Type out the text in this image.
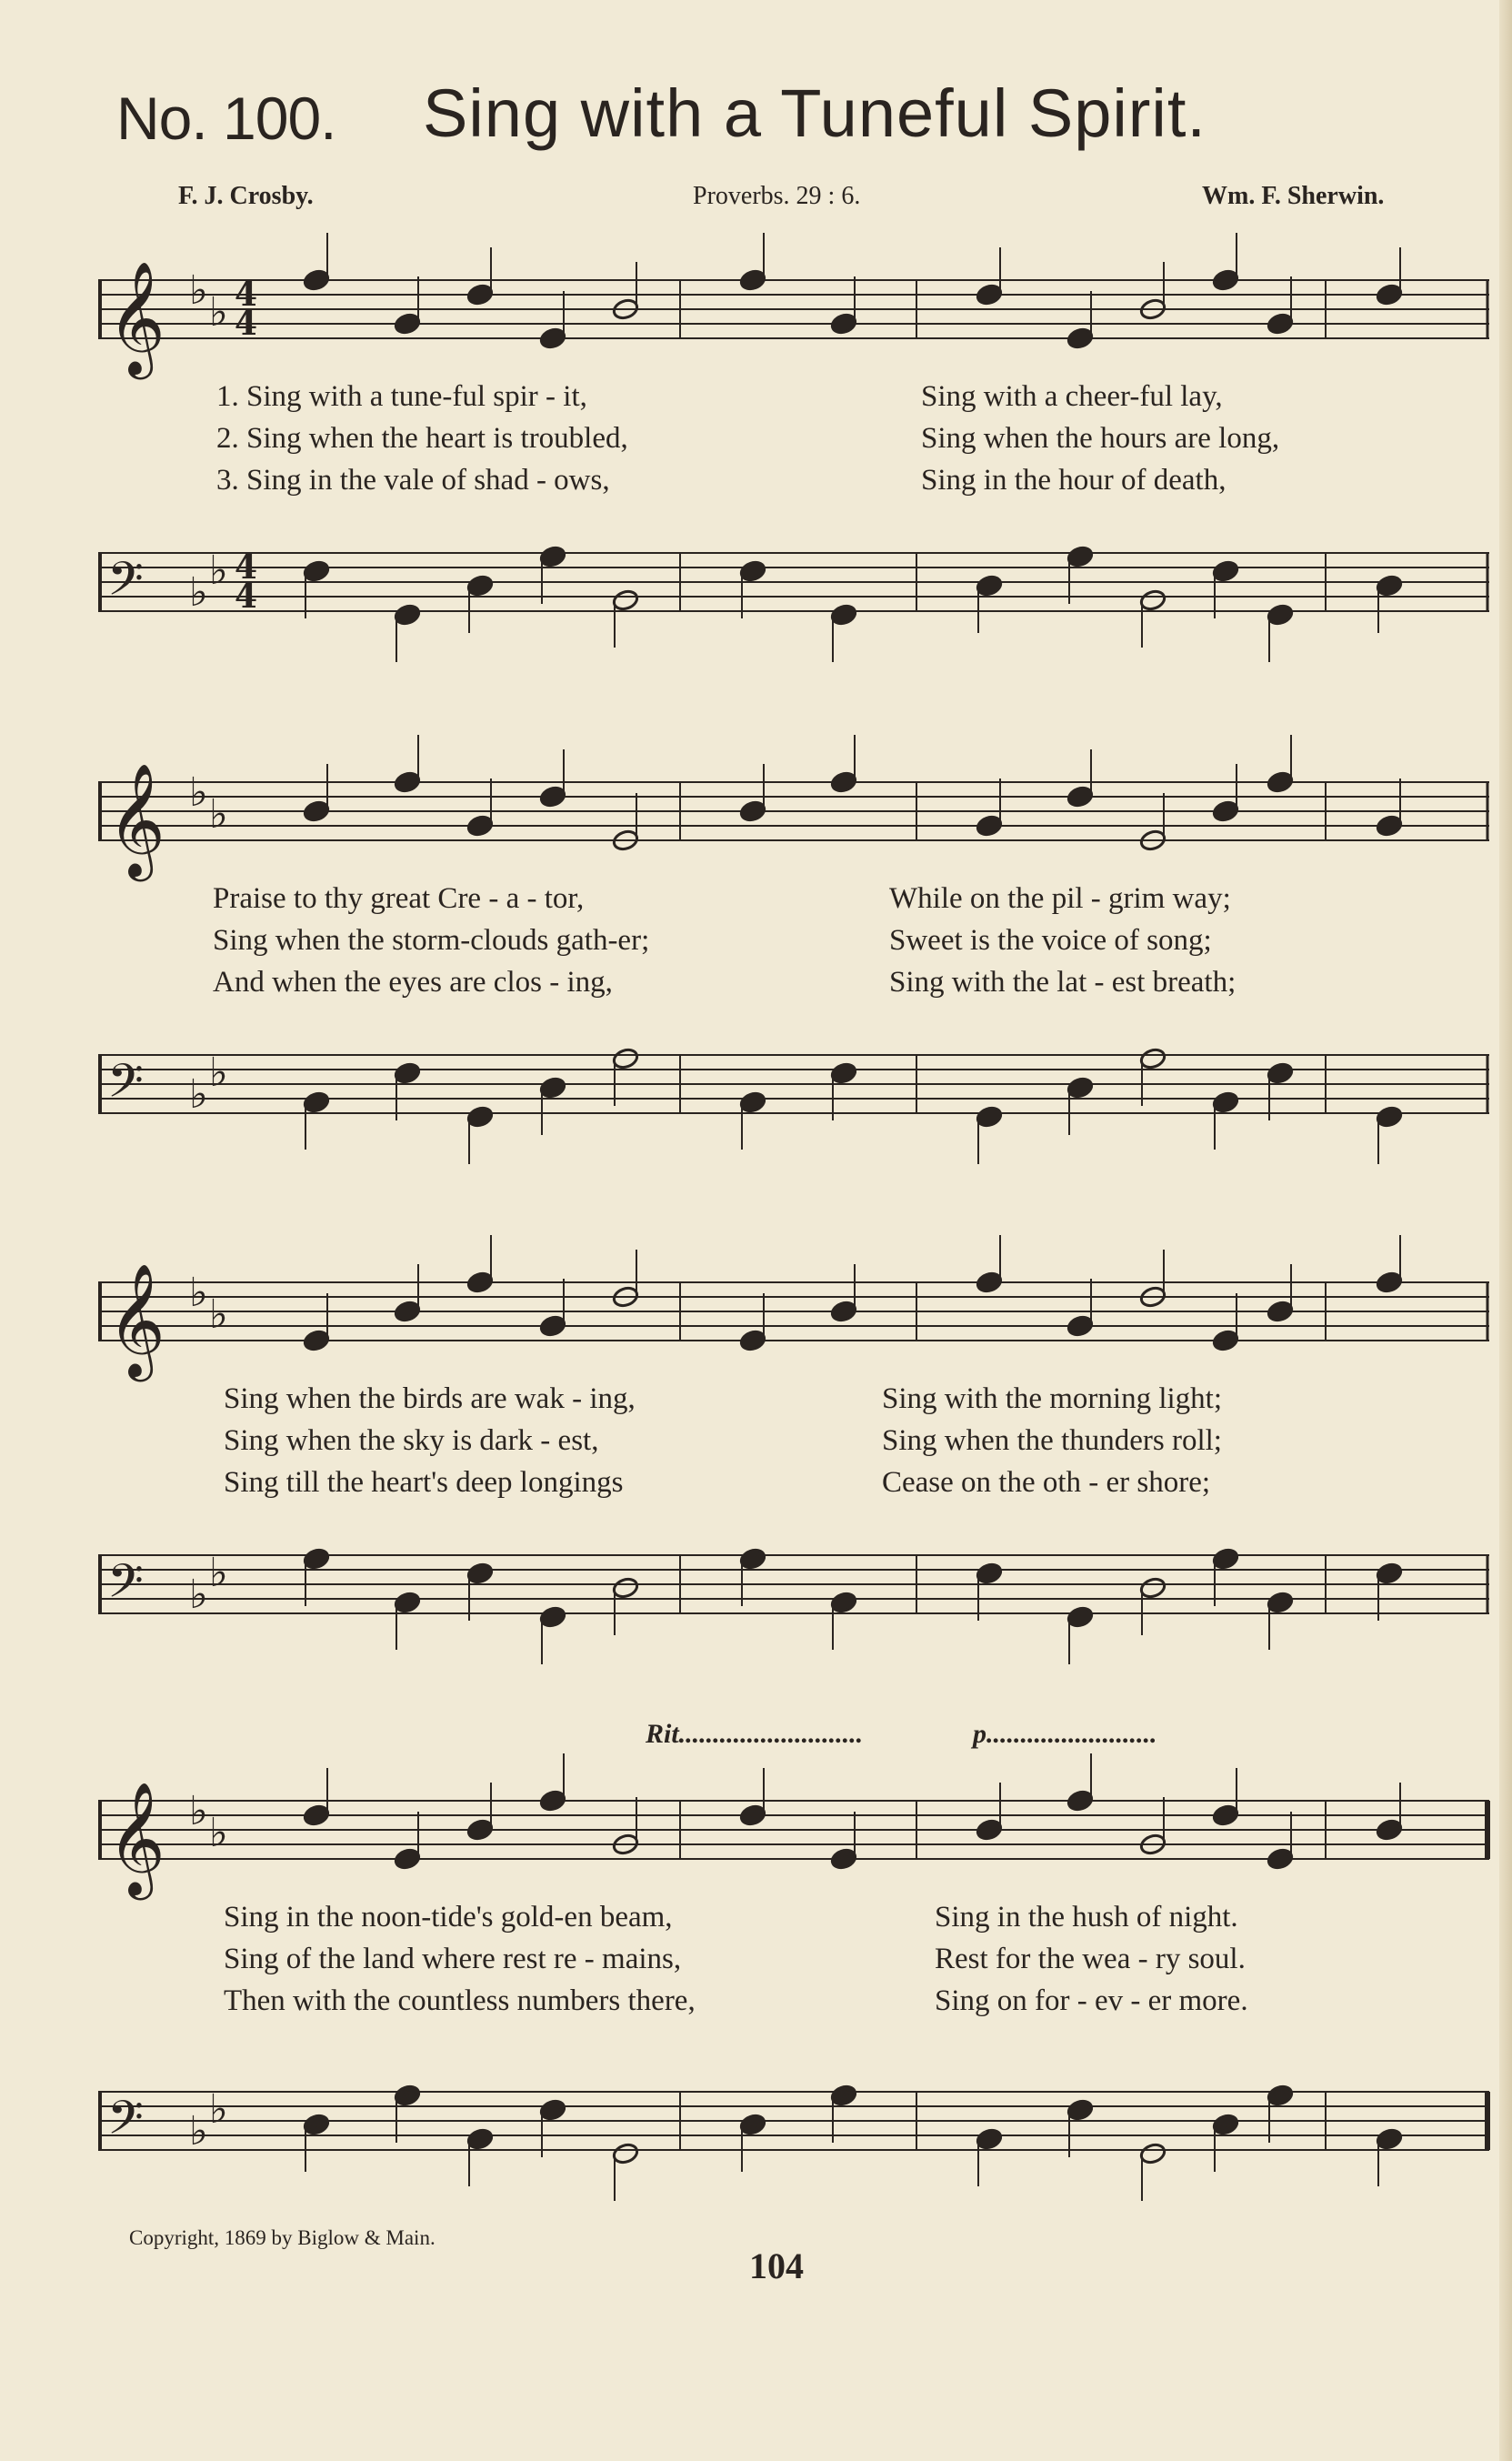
No. 100. Sing with a Tuneful Spirit.
F. J. Crosby.	Proverbs. 29 : 6.	Wm. F. Sherwin.
𝄞 ♭ ♭ 4
4
1. Sing with a tune-ful spir - it,	Sing with a cheer-ful lay,
2. Sing when the heart is troubled,	Sing when the hours are long,
3. Sing in the vale of shad - ows,	Sing in the hour of death,
𝄢 ♭ ♭ 4
4
𝄞 ♭ ♭
Praise to thy great Cre - a - tor,	While on the pil - grim way;
Sing when the storm-clouds gath-er;	Sweet is the voice of song;
And when the eyes are clos - ing,	Sing with the lat - est breath;
𝄢 ♭ ♭
𝄞 ♭ ♭
Sing when the birds are wak - ing,	Sing with the morning light;
Sing when the sky is dark - est,	Sing when the thunders roll;
Sing till the heart's deep longings	Cease on the oth - er shore;
𝄢 ♭ ♭
Rit...........................	p.........................
𝄞 ♭ ♭
Sing in the noon-tide's gold-en beam,	Sing in the hush of night.
Sing of the land where rest re - mains,	Rest for the wea - ry soul.
Then with the countless numbers there,	Sing on for - ev - er more.
𝄢 ♭ ♭
Copyright, 1869 by Biglow & Main.
104
